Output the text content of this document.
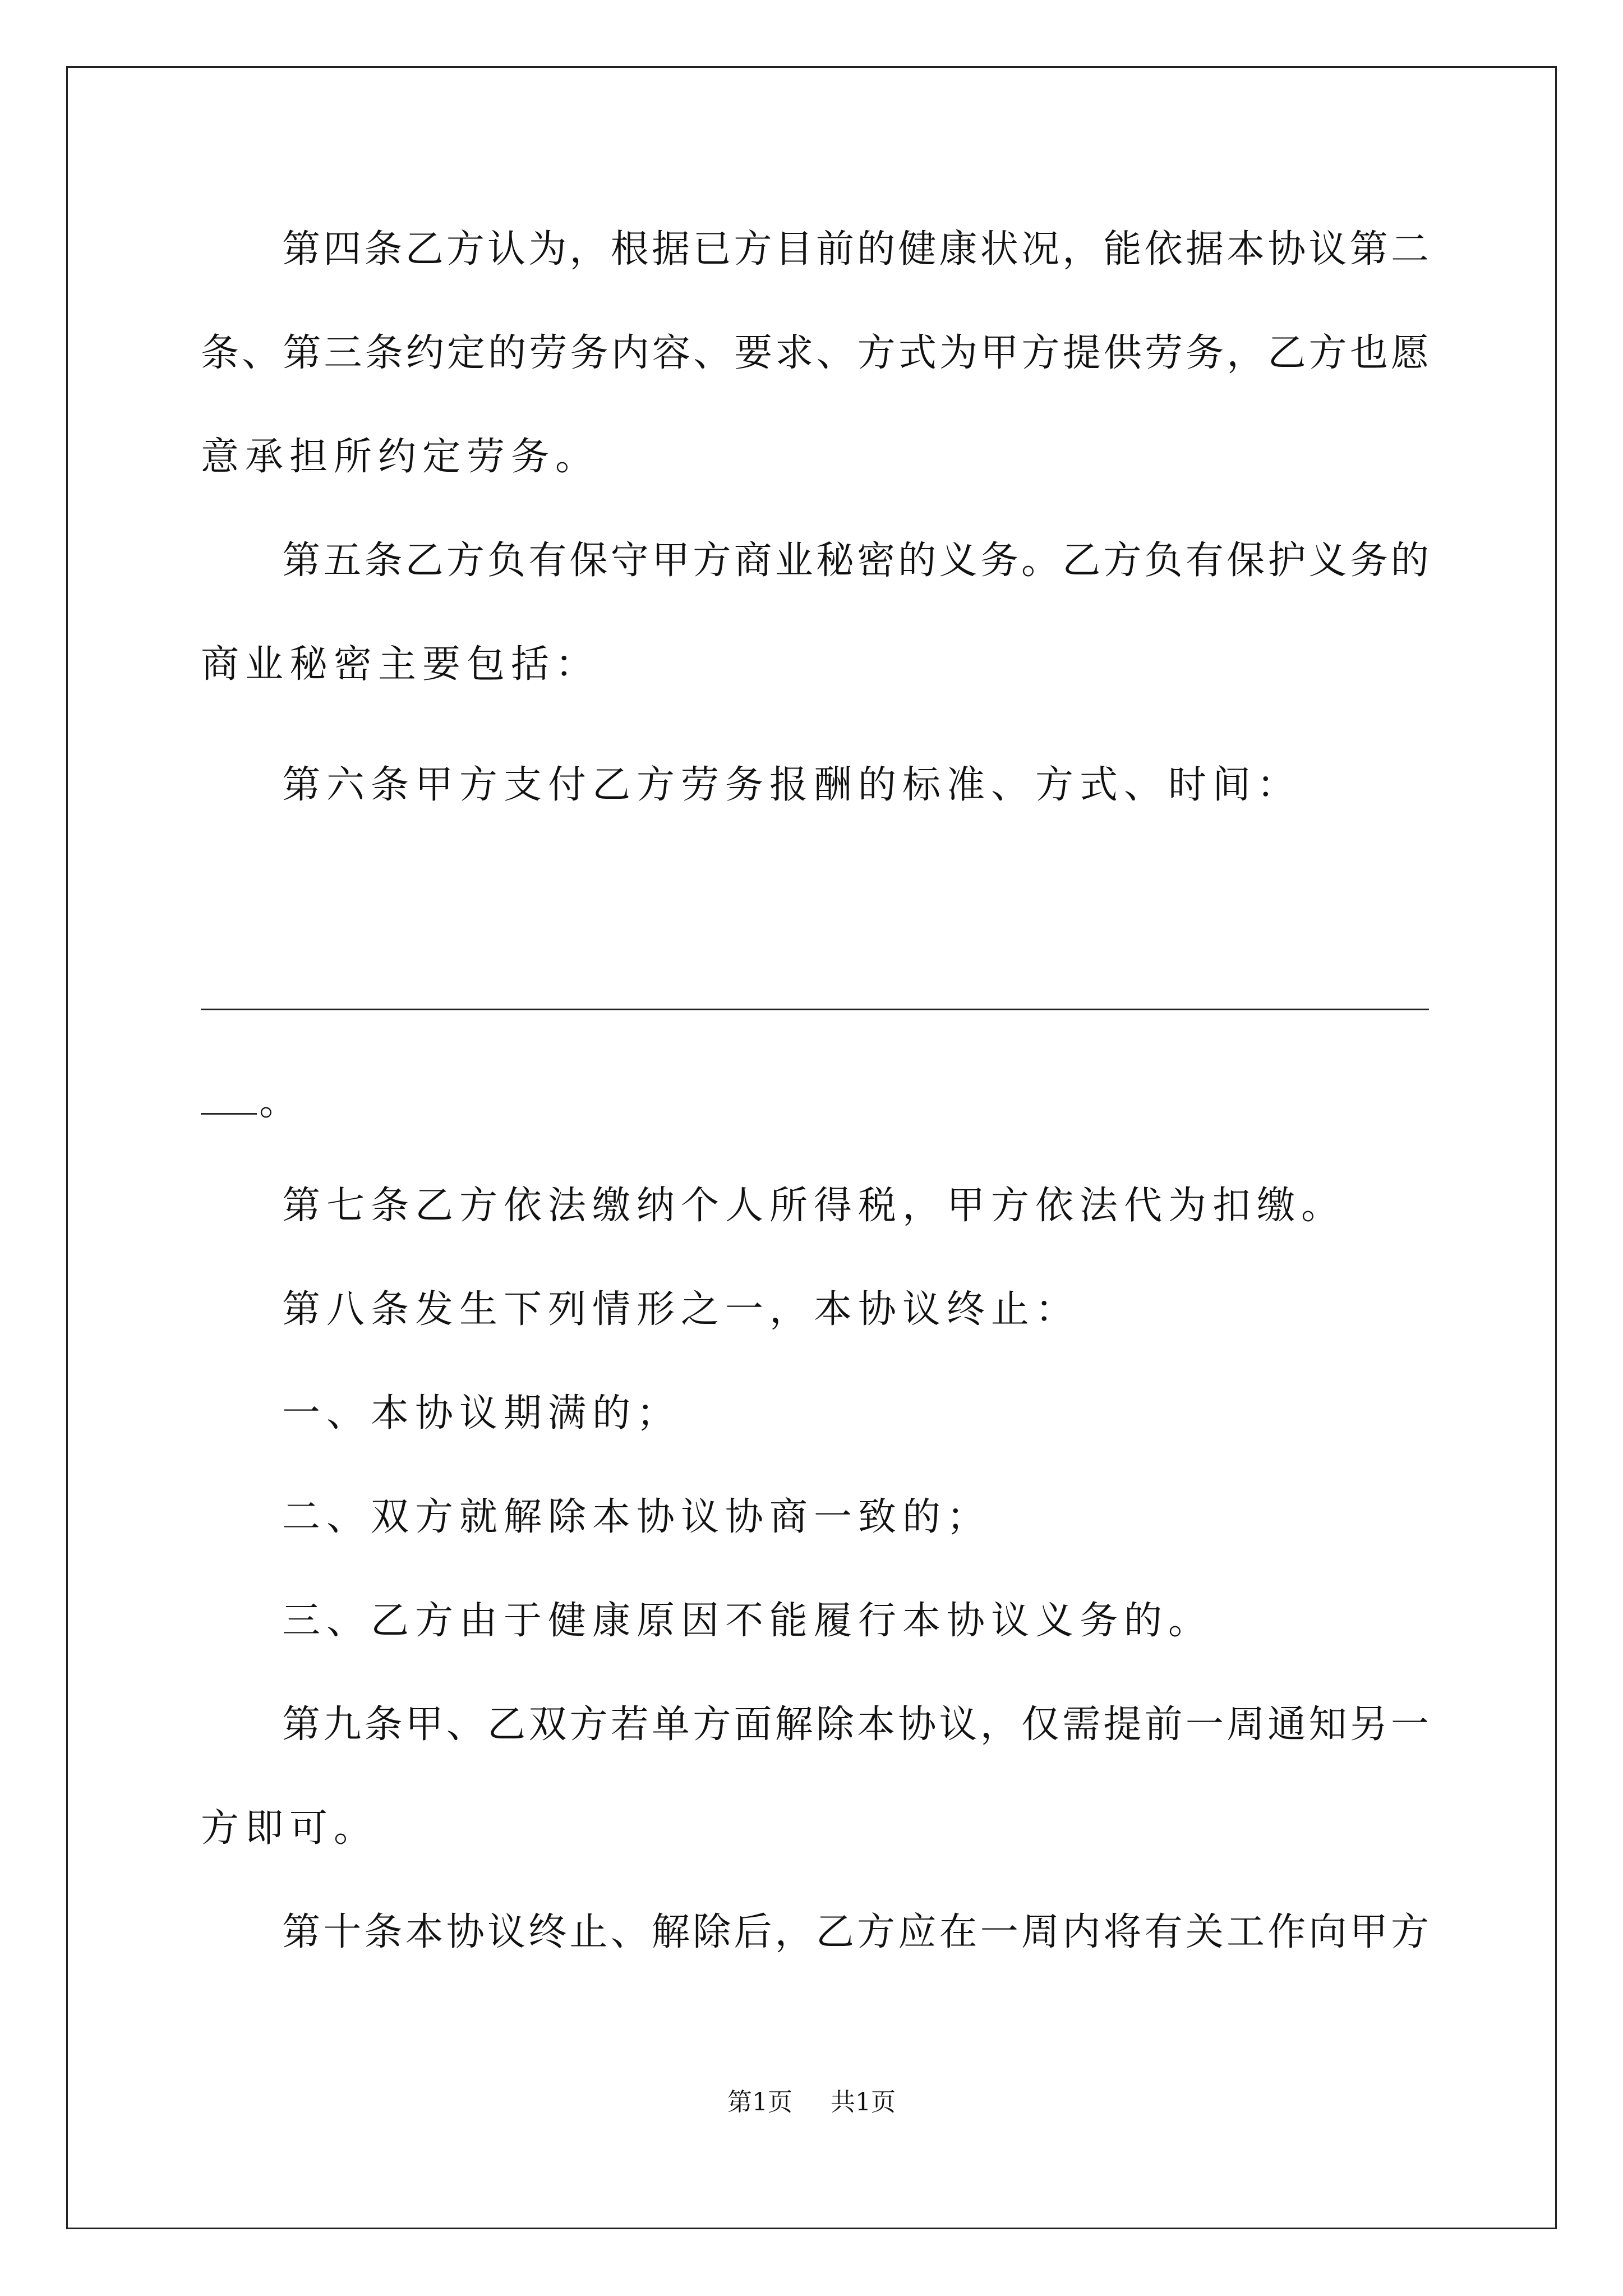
第四条乙方认为，根据已方目前的健康状况，能依据本协议第二
条、第三条约定的劳务内容、要求、方式为甲方提供劳务，乙方也愿
意承担所约定劳务。
第五条乙方负有保守甲方商业秘密的义务。乙方负有保护义务的
商业秘密主要包括：
第六条甲方支付乙方劳务报酬的标准、方式、时间：
。
第七条乙方依法缴纳个人所得税，甲方依法代为扣缴。
第八条发生下列情形之一，本协议终止：
一、本协议期满的；
二、双方就解除本协议协商一致的；
三、乙方由于健康原因不能履行本协议义务的。
第九条甲、乙双方若单方面解除本协议，仅需提前一周通知另一
方即可。
第十条本协议终止、解除后，乙方应在一周内将有关工作向甲方
第1页 共1页
